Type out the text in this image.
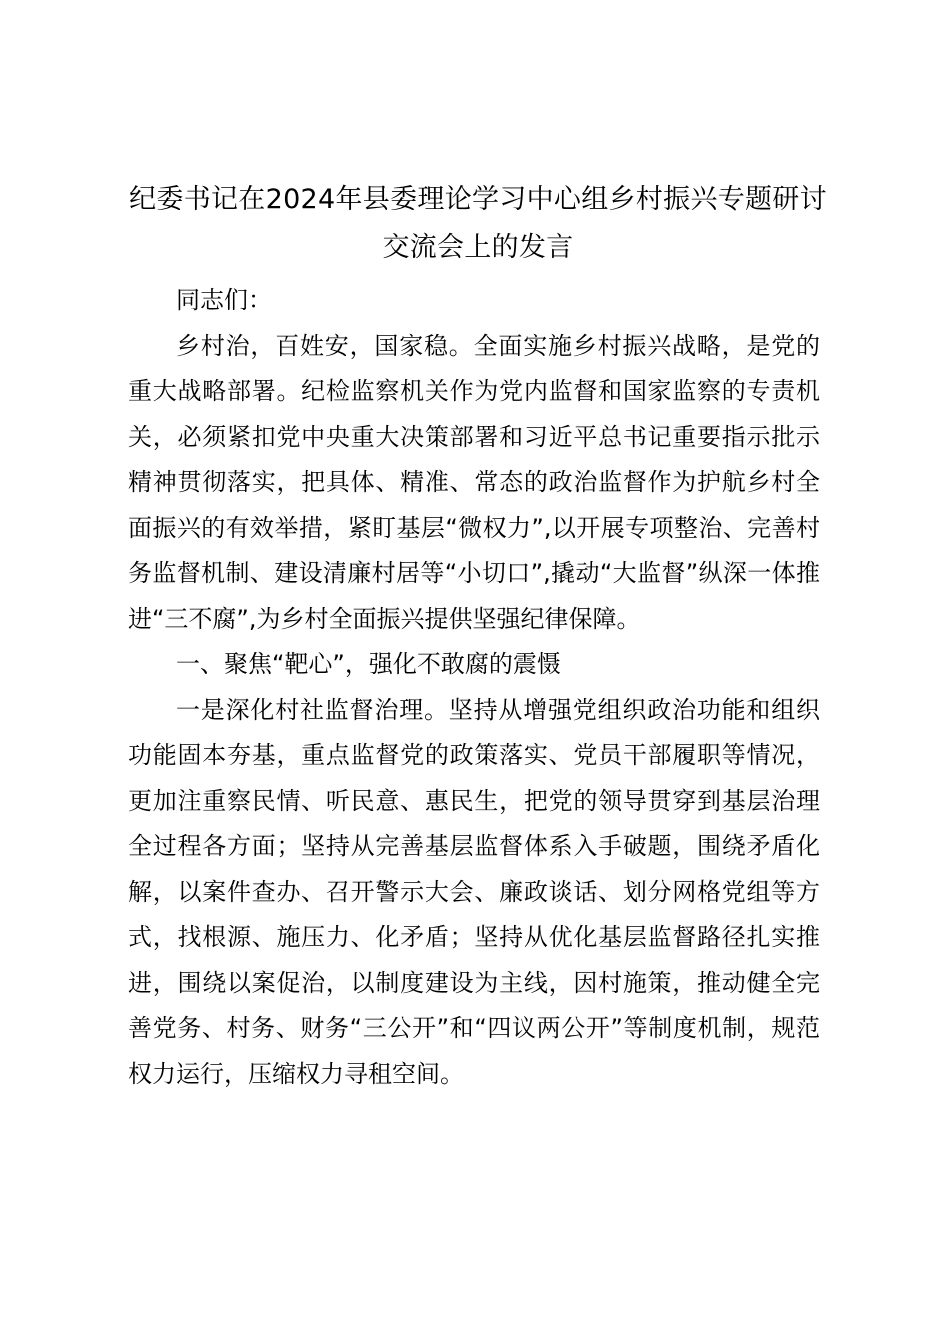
纪委书记在2024年县委理论学习中心组乡村振兴专题研讨交流会上的发言

同志们：

乡村治，百姓安，国家稳。全面实施乡村振兴战略，是党的重大战略部署。纪检监察机关作为党内监督和国家监察的专责机关，必须紧扣党中央重大决策部署和习近平总书记重要指示批示精神贯彻落实，把具体、精准、常态的政治监督作为护航乡村全面振兴的有效举措，紧盯基层“微权力”,以开展专项整治、完善村务监督机制、建设清廉村居等“小切口”,撬动“大监督”纵深一体推进“三不腐”,为乡村全面振兴提供坚强纪律保障。

一、聚焦“靶心”，强化不敢腐的震慑

一是深化村社监督治理。坚持从增强党组织政治功能和组织功能固本夯基，重点监督党的政策落实、党员干部履职等情况，更加注重察民情、听民意、惠民生，把党的领导贯穿到基层治理全过程各方面；坚持从完善基层监督体系入手破题，围绕矛盾化解，以案件查办、召开警示大会、廉政谈话、划分网格党组等方式，找根源、施压力、化矛盾；坚持从优化基层监督路径扎实推进，围绕以案促治，以制度建设为主线，因村施策，推动健全完善党务、村务、财务“三公开”和“四议两公开”等制度机制，规范权力运行，压缩权力寻租空间。
